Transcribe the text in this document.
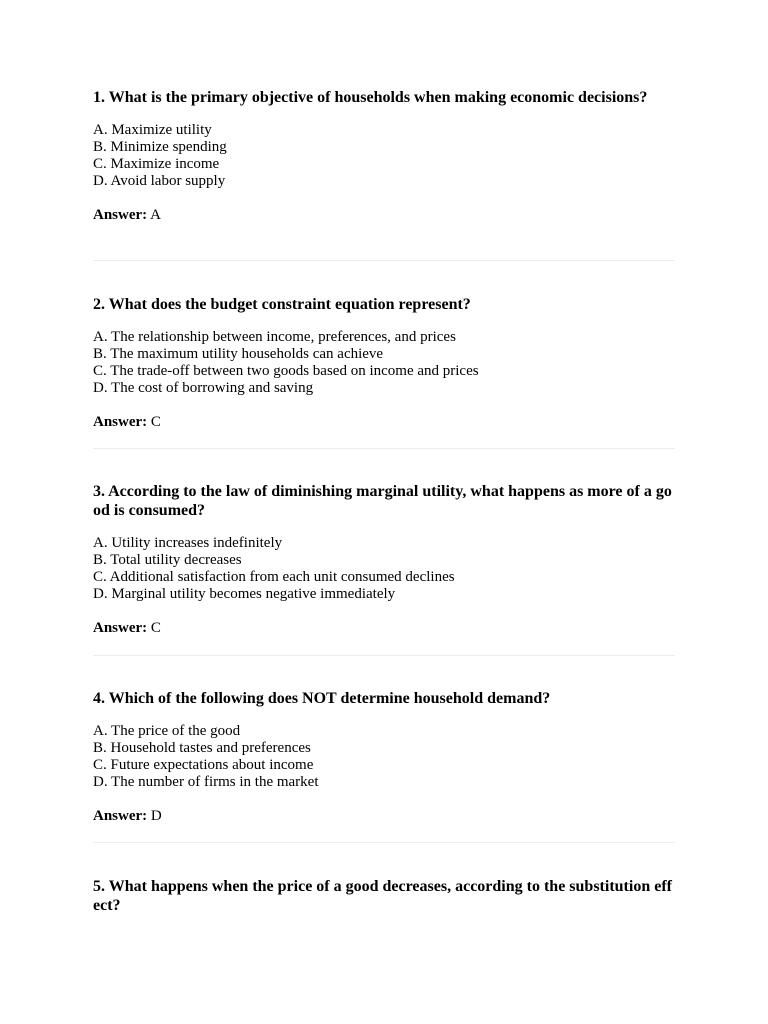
1. What is the primary objective of households when making economic decisions?

A. Maximize utility
B. Minimize spending
C. Maximize income
D. Avoid labor supply
Answer: A

2. What does the budget constraint equation represent?

A. The relationship between income, preferences, and prices
B. The maximum utility households can achieve
C. The trade-off between two goods based on income and prices
D. The cost of borrowing and saving
Answer: C

3. According to the law of diminishing marginal utility, what happens as more of a good is consumed?

A. Utility increases indefinitely
B. Total utility decreases
C. Additional satisfaction from each unit consumed declines
D. Marginal utility becomes negative immediately
Answer: C

4. Which of the following does NOT determine household demand?

A. The price of the good
B. Household tastes and preferences
C. Future expectations about income
D. The number of firms in the market
Answer: D

5. What happens when the price of a good decreases, according to the substitution effect?
